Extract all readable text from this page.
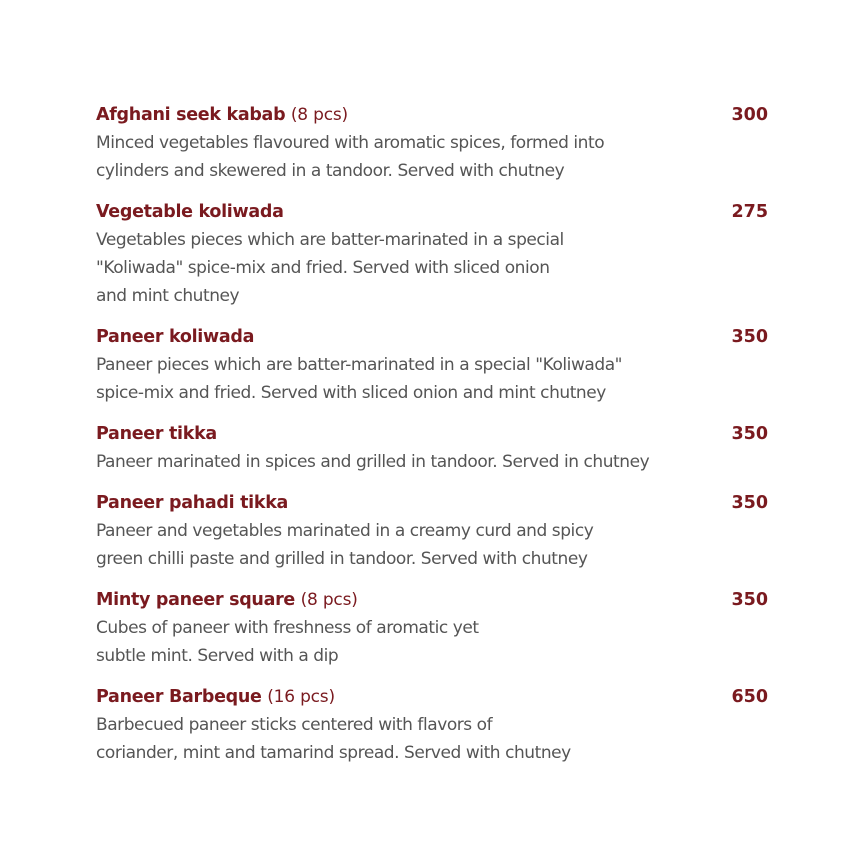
Afghani seek kabab (8 pcs)	300
Minced vegetables flavoured with aromatic spices, formed into
cylinders and skewered in a tandoor. Served with chutney
Vegetable koliwada	275
Vegetables pieces which are batter-marinated in a special
"Koliwada" spice-mix and fried. Served with sliced onion
and mint chutney
Paneer koliwada	350
Paneer pieces which are batter-marinated in a special "Koliwada"
spice-mix and fried. Served with sliced onion and mint chutney
Paneer tikka	350
Paneer marinated in spices and grilled in tandoor. Served in chutney
Paneer pahadi tikka	350
Paneer and vegetables marinated in a creamy curd and spicy
green chilli paste and grilled in tandoor. Served with chutney
Minty paneer square (8 pcs)	350
Cubes of paneer with freshness of aromatic yet
subtle mint. Served with a dip
Paneer Barbeque (16 pcs)	650
Barbecued paneer sticks centered with flavors of
coriander, mint and tamarind spread. Served with chutney
